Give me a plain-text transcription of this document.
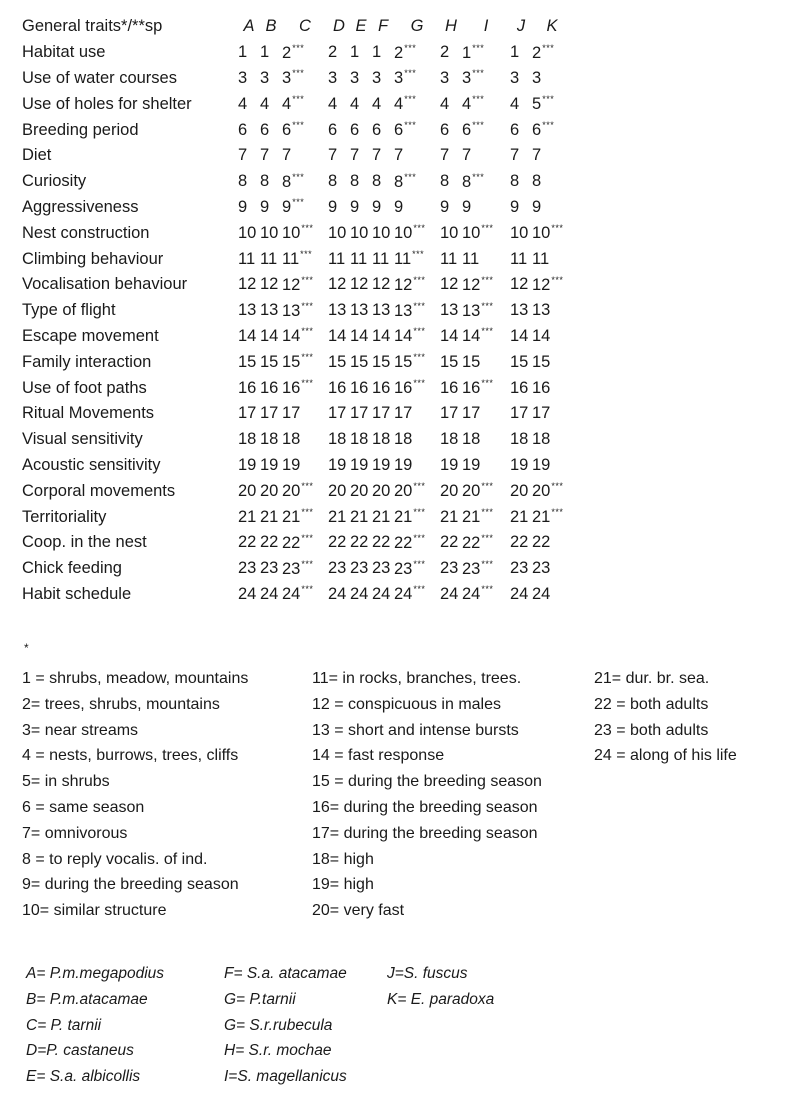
General traits*/**sp	A	B	C	D	E	F	G	H	I	J	K
Habitat use	1	1	2***	2	1	1	2***	2	1***	1	2***
Use of water courses	3	3	3***	3	3	3	3***	3	3***	3	3
Use of holes for shelter	4	4	4***	4	4	4	4***	4	4***	4	5***
Breeding period	6	6	6***	6	6	6	6***	6	6***	6	6***
Diet	7	7	7	7	7	7	7	7	7	7	7
Curiosity	8	8	8***	8	8	8	8***	8	8***	8	8
Aggressiveness	9	9	9***	9	9	9	9	9	9	9	9
Nest construction	10	10	10***	10	10	10	10***	10	10***	10	10***
Climbing behaviour	11	11	11***	11	11	11	11***	11	11	11	11
Vocalisation behaviour	12	12	12***	12	12	12	12***	12	12***	12	12***
Type of flight	13	13	13***	13	13	13	13***	13	13***	13	13
Escape movement	14	14	14***	14	14	14	14***	14	14***	14	14
Family interaction	15	15	15***	15	15	15	15***	15	15	15	15
Use of foot paths	16	16	16***	16	16	16	16***	16	16***	16	16
Ritual Movements	17	17	17	17	17	17	17	17	17	17	17
Visual sensitivity	18	18	18	18	18	18	18	18	18	18	18
Acoustic sensitivity	19	19	19	19	19	19	19	19	19	19	19
Corporal movements	20	20	20***	20	20	20	20***	20	20***	20	20***
Territoriality	21	21	21***	21	21	21	21***	21	21***	21	21***
Coop. in the nest	22	22	22***	22	22	22	22***	22	22***	22	22
Chick feeding	23	23	23***	23	23	23	23***	23	23***	23	23
Habit schedule	24	24	24***	24	24	24	24***	24	24***	24	24
*
1 = shrubs, meadow, mountains
2= trees, shrubs, mountains
3= near streams
4 = nests, burrows, trees, cliffs
5= in shrubs
6 = same season
7= omnivorous
8 = to reply vocalis. of ind.
9= during the breeding season
10= similar structure
11= in rocks, branches, trees.
12 = conspicuous in males
13 = short and intense bursts
14 = fast response
15 = during the breeding season
16= during the breeding season
17= during the breeding season
18= high
19= high
20= very fast
21= dur. br. sea.
22 = both adults
23 = both adults
24 = along of his life
A= P.m.megapodius
B= P.m.atacamae
C= P. tarnii
D=P. castaneus
E= S.a. albicollis
F= S.a. atacamae
G= P.tarnii
G= S.r.rubecula
H= S.r. mochae
I=S. magellanicus
J=S. fuscus
K= E. paradoxa
